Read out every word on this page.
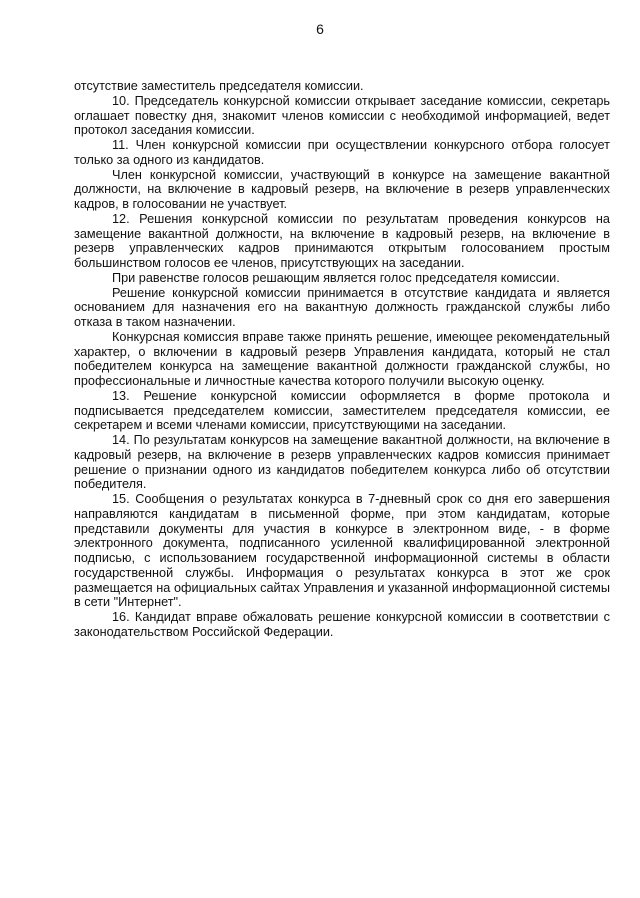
6

отсутствие заместитель председателя комиссии.

10. Председатель конкурсной комиссии открывает заседание комиссии, секретарь оглашает повестку дня, знакомит членов комиссии с необходимой информацией, ведет протокол заседания комиссии.

11. Член конкурсной комиссии при осуществлении конкурсного отбора голосует только за одного из кандидатов.

Член конкурсной комиссии, участвующий в конкурсе на замещение вакантной должности, на включение в кадровый резерв, на включение в резерв управленческих кадров, в голосовании не участвует.

12. Решения конкурсной комиссии по результатам проведения конкурсов на замещение вакантной должности, на включение в кадровый резерв, на включение в резерв управленческих кадров принимаются открытым голосованием простым большинством голосов ее членов, присутствующих на заседании.

При равенстве голосов решающим является голос председателя комиссии.

Решение конкурсной комиссии принимается в отсутствие кандидата и является основанием для назначения его на вакантную должность гражданской службы либо отказа в таком назначении.

Конкурсная комиссия вправе также принять решение, имеющее рекомендательный характер, о включении в кадровый резерв Управления кандидата, который не стал победителем конкурса на замещение вакантной должности гражданской службы, но профессиональные и личностные качества которого получили высокую оценку.

13. Решение конкурсной комиссии оформляется в форме протокола и подписывается председателем комиссии, заместителем председателя комиссии, ее секретарем и всеми членами комиссии, присутствующими на заседании.

14. По результатам конкурсов на замещение вакантной должности, на включение в кадровый резерв, на включение в резерв управленческих кадров комиссия принимает решение о признании одного из кандидатов победителем конкурса либо об отсутствии победителя.

15. Сообщения о результатах конкурса в 7-дневный срок со дня его завершения направляются кандидатам в письменной форме, при этом кандидатам, которые представили документы для участия в конкурсе в электронном виде, - в форме электронного документа, подписанного усиленной квалифицированной электронной подписью, с использованием государственной информационной системы в области государственной службы. Информация о результатах конкурса в этот же срок размещается на официальных сайтах Управления и указанной информационной системы в сети "Интернет".

16. Кандидат вправе обжаловать решение конкурсной комиссии в соответствии с законодательством Российской Федерации.
